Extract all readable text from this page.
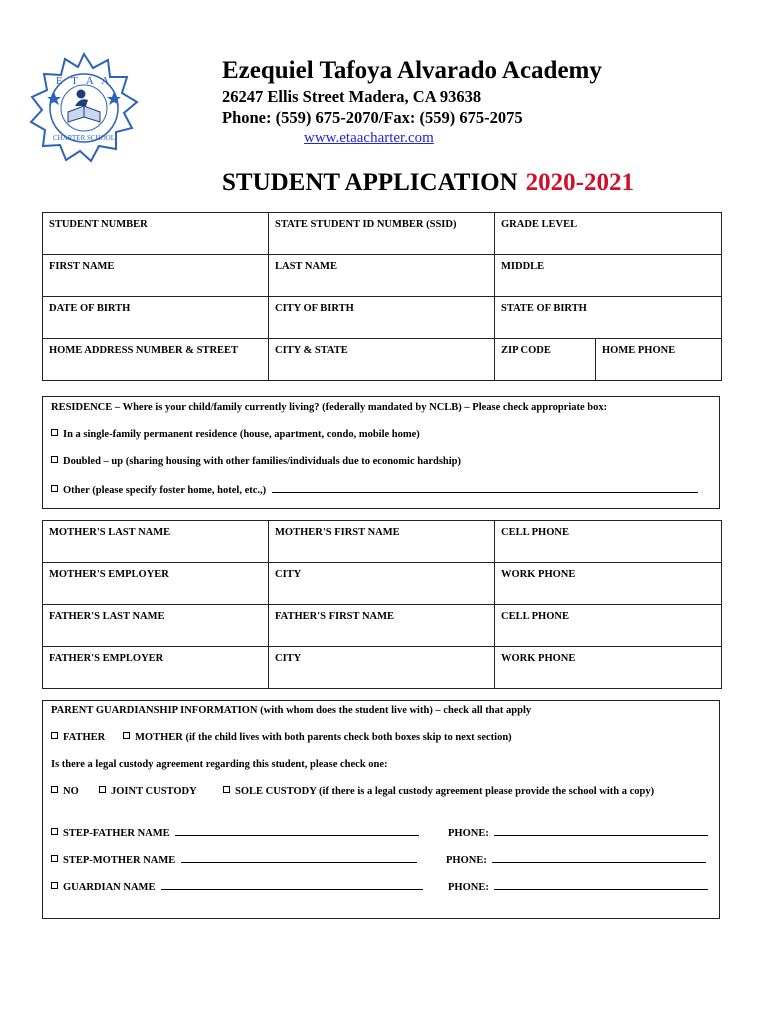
E T A A
CHARTER SCHOOL
Ezequiel Tafoya Alvarado Academy
26247 Ellis Street Madera, CA 93638
Phone: (559) 675-2070/Fax: (559) 675-2075
www.etaacharter.com
STUDENT APPLICATION 2020-2021
STUDENT NUMBER	STATE STUDENT ID NUMBER (SSID)	GRADE LEVEL	
FIRST NAME	LAST NAME	MIDDLE	
DATE OF BIRTH	CITY OF BIRTH	STATE OF BIRTH	
HOME ADDRESS NUMBER & STREET	CITY & STATE	ZIP CODE	HOME PHONE
RESIDENCE – Where is your child/family currently living? (federally mandated by NCLB) – Please check appropriate box:
In a single-family permanent residence (house, apartment, condo, mobile home)
Doubled – up (sharing housing with other families/individuals due to economic hardship)
Other (please specify foster home, hotel, etc.,)
MOTHER'S LAST NAME	MOTHER'S FIRST NAME	CELL PHONE
MOTHER'S EMPLOYER	CITY	WORK PHONE
FATHER'S LAST NAME	FATHER'S FIRST NAME	CELL PHONE
FATHER'S EMPLOYER	CITY	WORK PHONE
PARENT GUARDIANSHIP INFORMATION (with whom does the student live with) – check all that apply
FATHER	MOTHER (if the child lives with both parents check both boxes skip to next section)
Is there a legal custody agreement regarding this student, please check one:
NO	JOINT CUSTODY	SOLE CUSTODY (if there is a legal custody agreement please provide the school with a copy)
STEP-FATHER NAME	PHONE:
STEP-MOTHER NAME	PHONE:
GUARDIAN NAME	PHONE:
